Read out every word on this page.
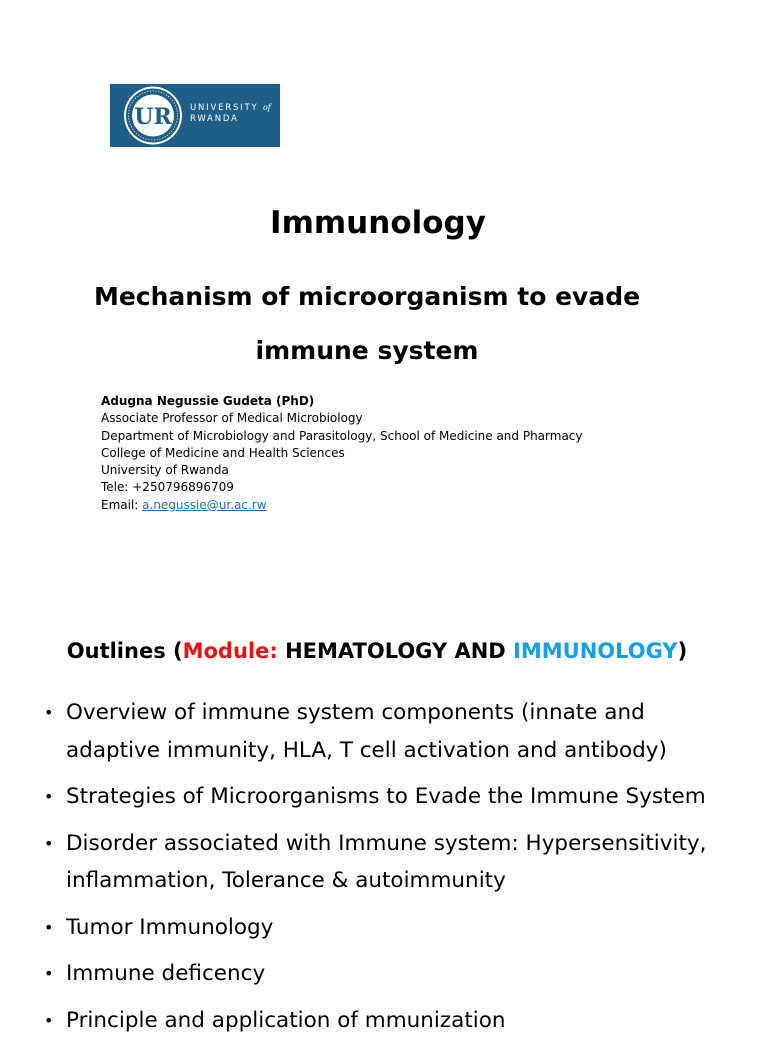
UR UNIVERSITY of
RWANDA
Immunology
Mechanism of microorganism to evade immune system
Adugna Negussie Gudeta (PhD)
Associate Professor of Medical Microbiology
Department of Microbiology and Parasitology, School of Medicine and Pharmacy
College of Medicine and Health Sciences
University of Rwanda
Tele: +250796896709
Email: a.negussie@ur.ac.rw
Outlines (Module: HEMATOLOGY AND IMMUNOLOGY)
• Overview of immune system components (innate and adaptive immunity, HLA, T cell activation and antibody)
• Strategies of Microorganisms to Evade the Immune System
• Disorder associated with Immune system: Hypersensitivity, inflammation, Tolerance & autoimmunity
• Tumor Immunology
• Immune deficency
• Principle and application of mmunization
